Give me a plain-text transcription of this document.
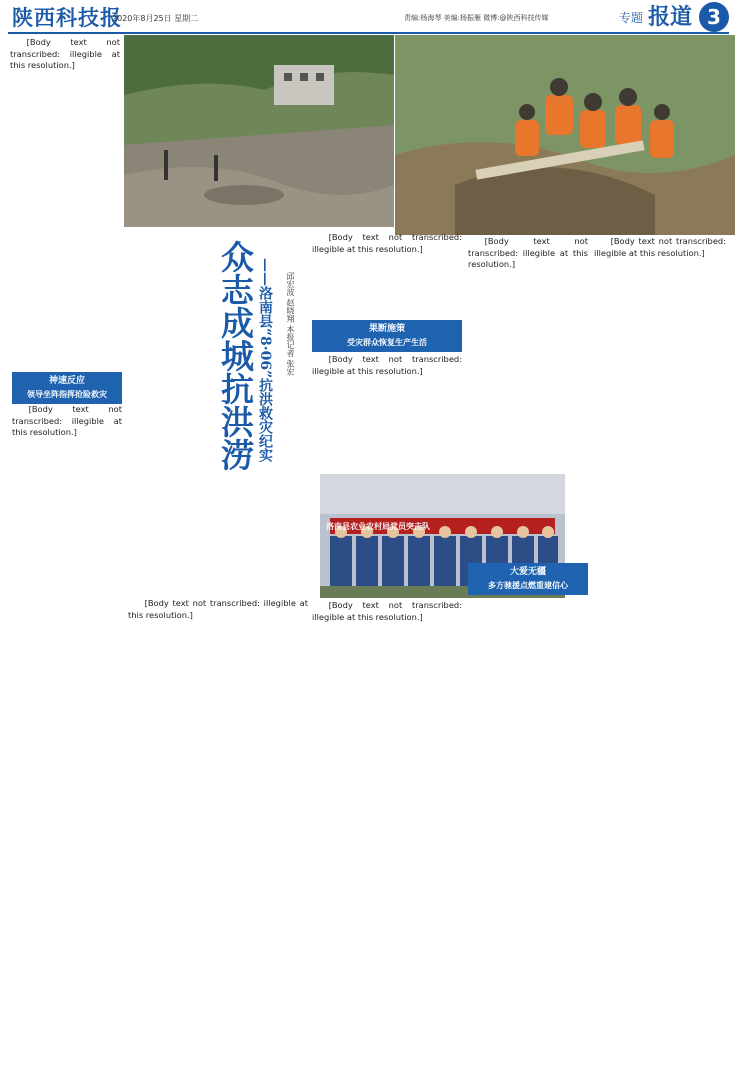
陕西科技报
2020年8月25日 星期二	责编:杨海琴 美编:杨振雁 微博:@陕西科技传媒	专题 报道 3
洛南县农业农村局党员突击队

[Body text not transcribed: illegible at this resolution.]

众志成城抗洪涝 ——洛南县“8·06”抗洪救灾纪实	邱宏波 赵晓翔 本报记者 张宏
神速反应
领导坐阵指挥抢险救灾

[Body text not transcribed: illegible at this resolution.]

[Body text not transcribed: illegible at this resolution.]

[Body text not transcribed: illegible at this resolution.]

果断施策
受灾群众恢复生产生活

[Body text not transcribed: illegible at this resolution.]

[Body text not transcribed: illegible at this resolution.]

[Body text not transcribed: illegible at this resolution.]

大爱无疆
多方驰援点燃重建信心

[Body text not transcribed: illegible at this resolution.]
